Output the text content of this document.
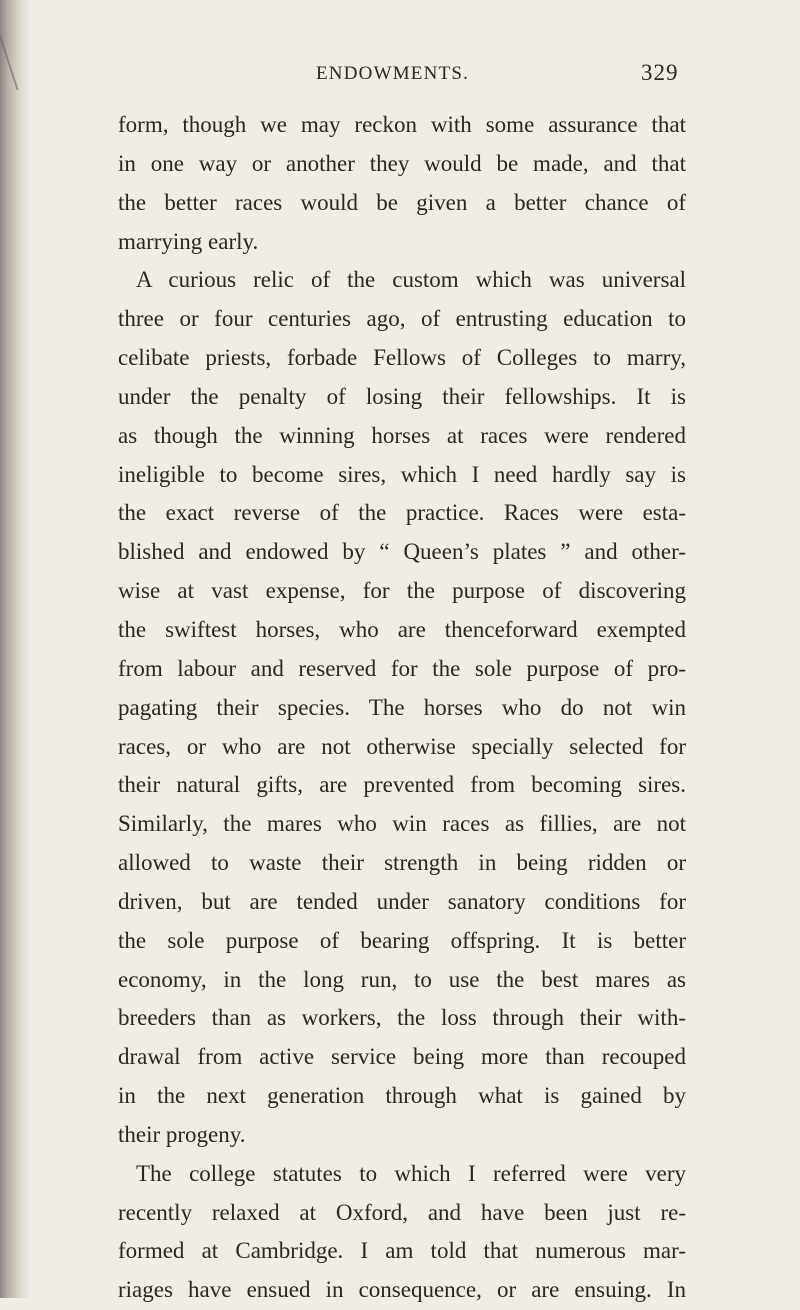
ENDOWMENTS.	329
form, though we may reckon with some assurance that
in one way or another they would be made, and that
the better races would be given a better chance of
marrying early.
A curious relic of the custom which was universal
three or four centuries ago, of entrusting education to
celibate priests, forbade Fellows of Colleges to marry,
under the penalty of losing their fellowships. It is
as though the winning horses at races were rendered
ineligible to become sires, which I need hardly say is
the exact reverse of the practice. Races were esta-
blished and endowed by “ Queen’s plates ” and other-
wise at vast expense, for the purpose of discovering
the swiftest horses, who are thenceforward exempted
from labour and reserved for the sole purpose of pro-
pagating their species. The horses who do not win
races, or who are not otherwise specially selected for
their natural gifts, are prevented from becoming sires.
Similarly, the mares who win races as fillies, are not
allowed to waste their strength in being ridden or
driven, but are tended under sanatory conditions for
the sole purpose of bearing offspring. It is better
economy, in the long run, to use the best mares as
breeders than as workers, the loss through their with-
drawal from active service being more than recouped
in the next generation through what is gained by
their progeny.
The college statutes to which I referred were very
recently relaxed at Oxford, and have been just re-
formed at Cambridge. I am told that numerous mar-
riages have ensued in consequence, or are ensuing. In
